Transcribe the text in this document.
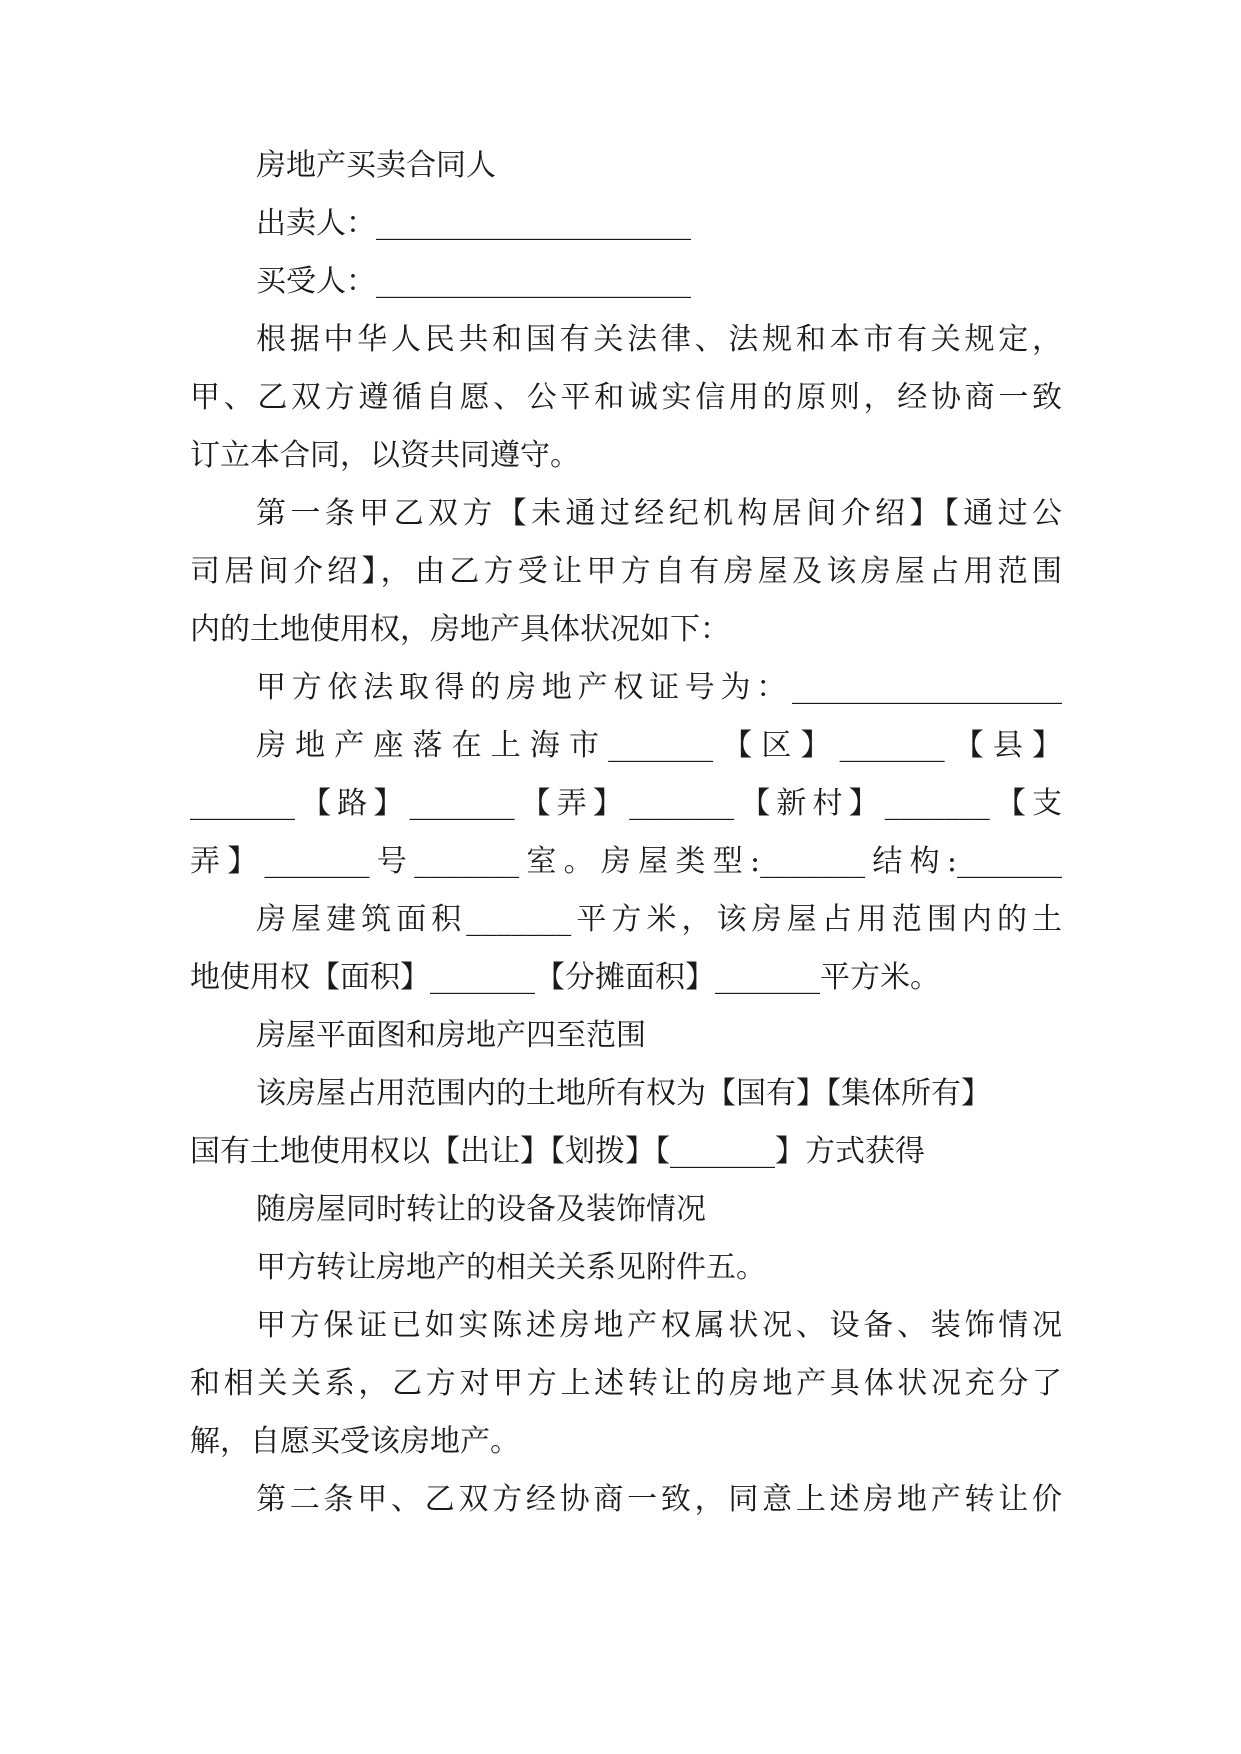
房地产买卖合同人
出卖人：_____________________
买受人：_____________________
根据中华人民共和国有关法律、法规和本市有关规定，
甲、乙双方遵循自愿、公平和诚实信用的原则，经协商一致
订立本合同，以资共同遵守。
第一条甲乙双方【未通过经纪机构居间介绍】【通过公
司居间介绍】，由乙方受让甲方自有房屋及该房屋占用范围
内的土地使用权，房地产具体状况如下：
甲方依法取得的房地产权证号为：__________________
房地产座落在上海市_______【区】_______【县】
_______【路】_______【弄】_______【新村】_______【支
弄】_______号_______室。房屋类型:_______结构:_______
房屋建筑面积_______平方米，该房屋占用范围内的土
地使用权【面积】_______【分摊面积】_______平方米。
房屋平面图和房地产四至范围
该房屋占用范围内的土地所有权为【国有】【集体所有】
国有土地使用权以【出让】【划拨】【_______】方式获得
随房屋同时转让的设备及装饰情况
甲方转让房地产的相关关系见附件五。
甲方保证已如实陈述房地产权属状况、设备、装饰情况
和相关关系，乙方对甲方上述转让的房地产具体状况充分了
解，自愿买受该房地产。
第二条甲、乙双方经协商一致，同意上述房地产转让价
